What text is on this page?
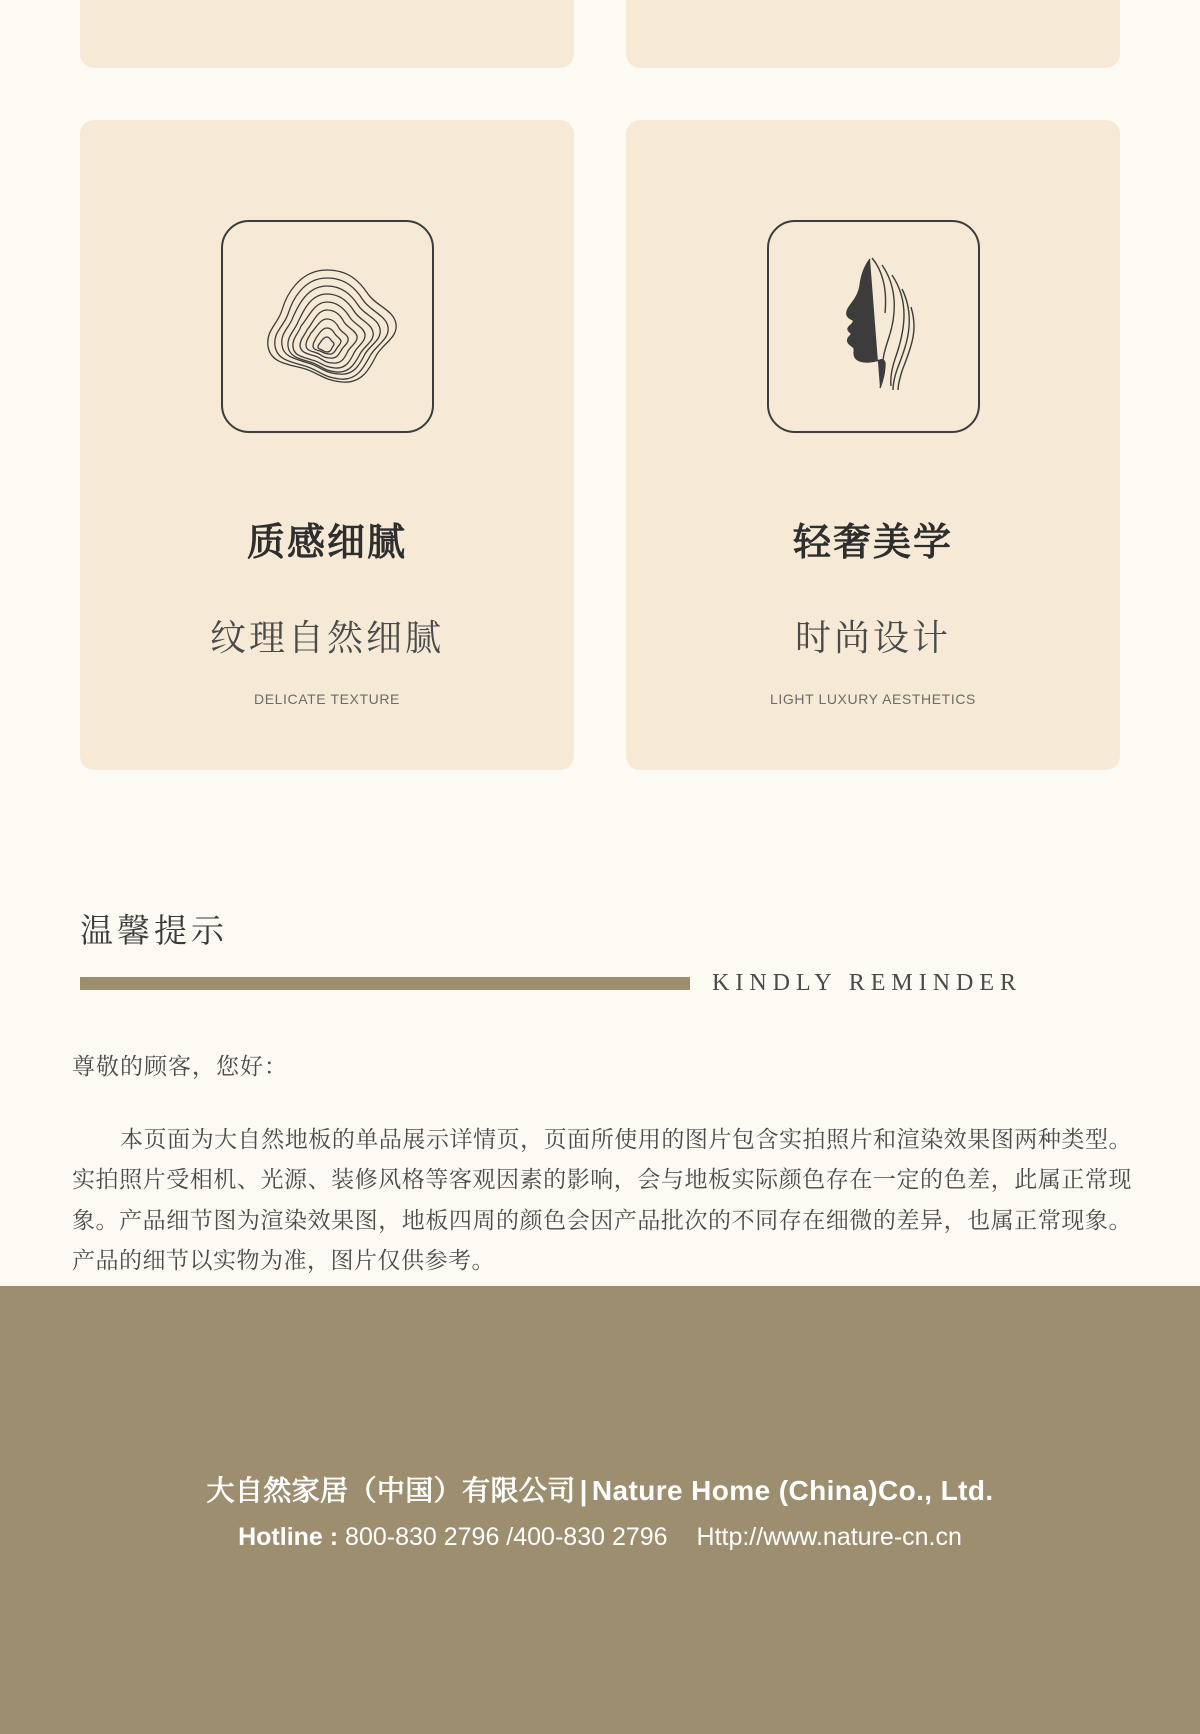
质感细腻
纹理自然细腻
DELICATE TEXTURE
轻奢美学
时尚设计
LIGHT LUXURY AESTHETICS
温馨提示
KINDLY REMINDER
尊敬的顾客，您好：
本页面为大自然地板的单品展示详情页，页面所使用的图片包含实拍照片和渲染效果图两种类型。实拍照片受相机、光源、装修风格等客观因素的影响，会与地板实际颜色存在一定的色差，此属正常现象。产品细节图为渲染效果图，地板四周的颜色会因产品批次的不同存在细微的差异，也属正常现象。产品的细节以实物为准，图片仅供参考。
大自然家居（中国）有限公司 | Nature Home (China)Co., Ltd.
Hotline : 800-830 2796 /400-830 2796 Http://www.nature-cn.cn
